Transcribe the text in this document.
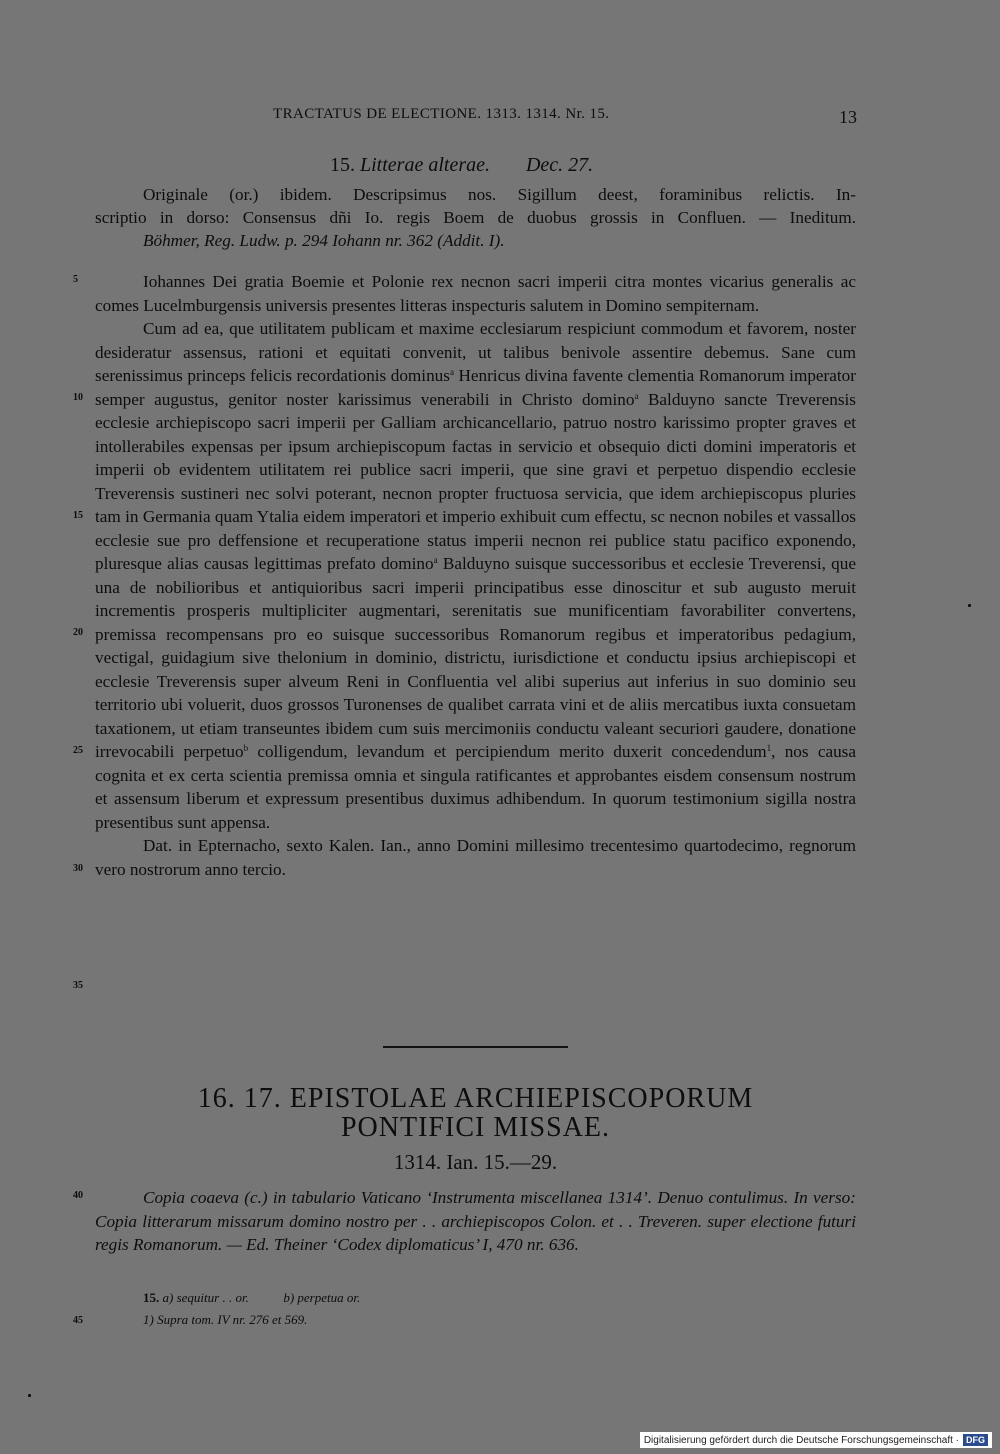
TRACTATUS DE ELECTIONE. 1313. 1314. Nr. 15.	13
15. Litterae alterae. Dec. 27.
Originale (or.) ibidem. Descripsimus nos. Sigillum deest, foraminibus relictis. In-
scriptio in dorso: Consensus dñi Io. regis Boem de duobus grossis in Confluen. — Ineditum.
Böhmer, Reg. Ludw. p. 294 Iohann nr. 362 (Addit. I).

Iohannes Dei gratia Boemie et Polonie rex necnon sacri imperii citra montes vicarius generalis ac comes Lucelmburgensis universis presentes litteras inspecturis salutem in Domino sempiternam.

Cum ad ea, que utilitatem publicam et maxime ecclesiarum respiciunt commodum et favorem, noster desideratur assensus, rationi et equitati convenit, ut talibus benivole assentire debemus. Sane cum serenissimus princeps felicis recordationis dominus$^a$ Henricus divina favente clementia Romanorum imperator semper augustus, genitor noster karissimus venerabili in Christo domino$^a$ Balduyno sancte Treverensis ecclesie archiepiscopo sacri imperii per Galliam archicancellario, patruo nostro karissimo propter graves et intollerabiles expensas per ipsum archiepiscopum factas in servicio et obsequio dicti domini imperatoris et imperii ob evidentem utilitatem rei publice sacri imperii, que sine gravi et perpetuo dispendio ecclesie Treverensis sustineri nec solvi poterant, necnon propter fructuosa servicia, que idem archiepiscopus pluries tam in Germania quam Ytalia eidem imperatori et imperio exhibuit cum effectu, sc necnon nobiles et vassallos ecclesie sue pro deffensione et recuperatione status imperii necnon rei publice statu pacifico exponendo, pluresque alias causas legittimas prefato domino$^a$ Balduyno suisque successoribus et ecclesie Treverensi, que una de nobilioribus et antiquioribus sacri imperii principatibus esse dinoscitur et sub augusto meruit incrementis prosperis multipliciter augmentari, serenitatis sue munificentiam favorabiliter convertens, premissa recompensans pro eo suisque successoribus Romanorum regibus et imperatoribus pedagium, vectigal, guidagium sive thelonium in dominio, districtu, iurisdictione et conductu ipsius archiepiscopi et ecclesie Treverensis super alveum Reni in Confluentia vel alibi superius aut inferius in suo dominio seu territorio ubi voluerit, duos grossos Turonenses de qualibet carrata vini et de aliis mercatibus iuxta consuetam taxationem, ut etiam transeuntes ibidem cum suis mercimoniis conductu valeant securiori gaudere, donatione irrevocabili perpetuo$^b$ colligendum, levandum et percipiendum merito duxerit concedendum$^1$, nos causa cognita et ex certa scientia premissa omnia et singula ratificantes et approbantes eisdem consensum nostrum et assensum liberum et expressum presentibus duximus adhibendum. In quorum testimonium sigilla nostra presentibus sunt appensa.

Dat. in Epternacho, sexto Kalen. Ian., anno Domini millesimo trecentesimo quartodecimo, regnorum vero nostrorum anno tercio.

5
10
15
20
25
30
35
40
45
16. 17. EPISTOLAE ARCHIEPISCOPORUM
PONTIFICI MISSAE.
1314. Ian. 15.—29.

Copia coaeva (c.) in tabulario Vaticano ‘Instrumenta miscellanea 1314’. Denuo contulimus. In verso: Copia litterarum missarum domino nostro per . . archiepiscopos Colon. et . . Treveren. super electione futuri regis Romanorum. — Ed. Theiner ‘Codex diplomaticus’ I, 470 nr. 636.

15. a) sequitur . . or.	b) perpetua or.
1) Supra tom. IV nr. 276 et 569.
Digitalisierung gefördert durch die Deutsche Forschungsgemeinschaft · DFG
